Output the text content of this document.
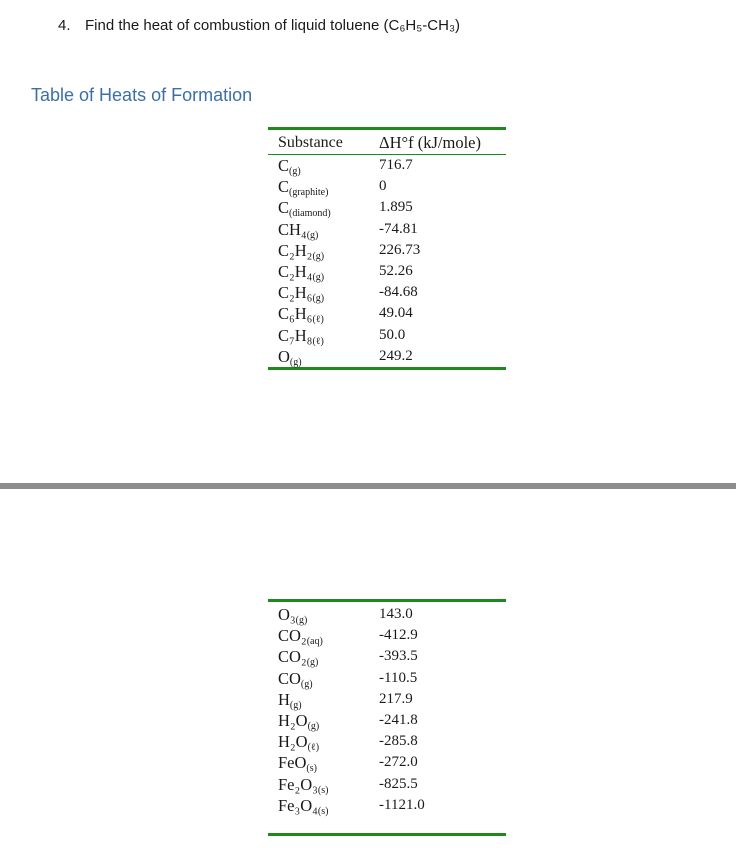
4. Find the heat of combustion of liquid toluene (C₆H₅-CH₃)
Table of Heats of Formation
Substance ΔH°f (kJ/mole)
C(g)	716.7
C(graphite)	0
C(diamond)	1.895
CH₄(g)	-74.81
C₂H₂(g)	226.73
C₂H₄(g)	52.26
C₂H₆(g)	-84.68
C₆H₆(ℓ)	49.04
C₇H₈(ℓ)	50.0
O(g)	249.2
O₃(g)	143.0
CO₂(aq)	-412.9
CO₂(g)	-393.5
CO(g)	-110.5
H(g)	217.9
H₂O(g)	-241.8
H₂O(ℓ)	-285.8
FeO(s)	-272.0
Fe₂O₃(s)	-825.5
Fe₃O₄(s)	-1121.0
